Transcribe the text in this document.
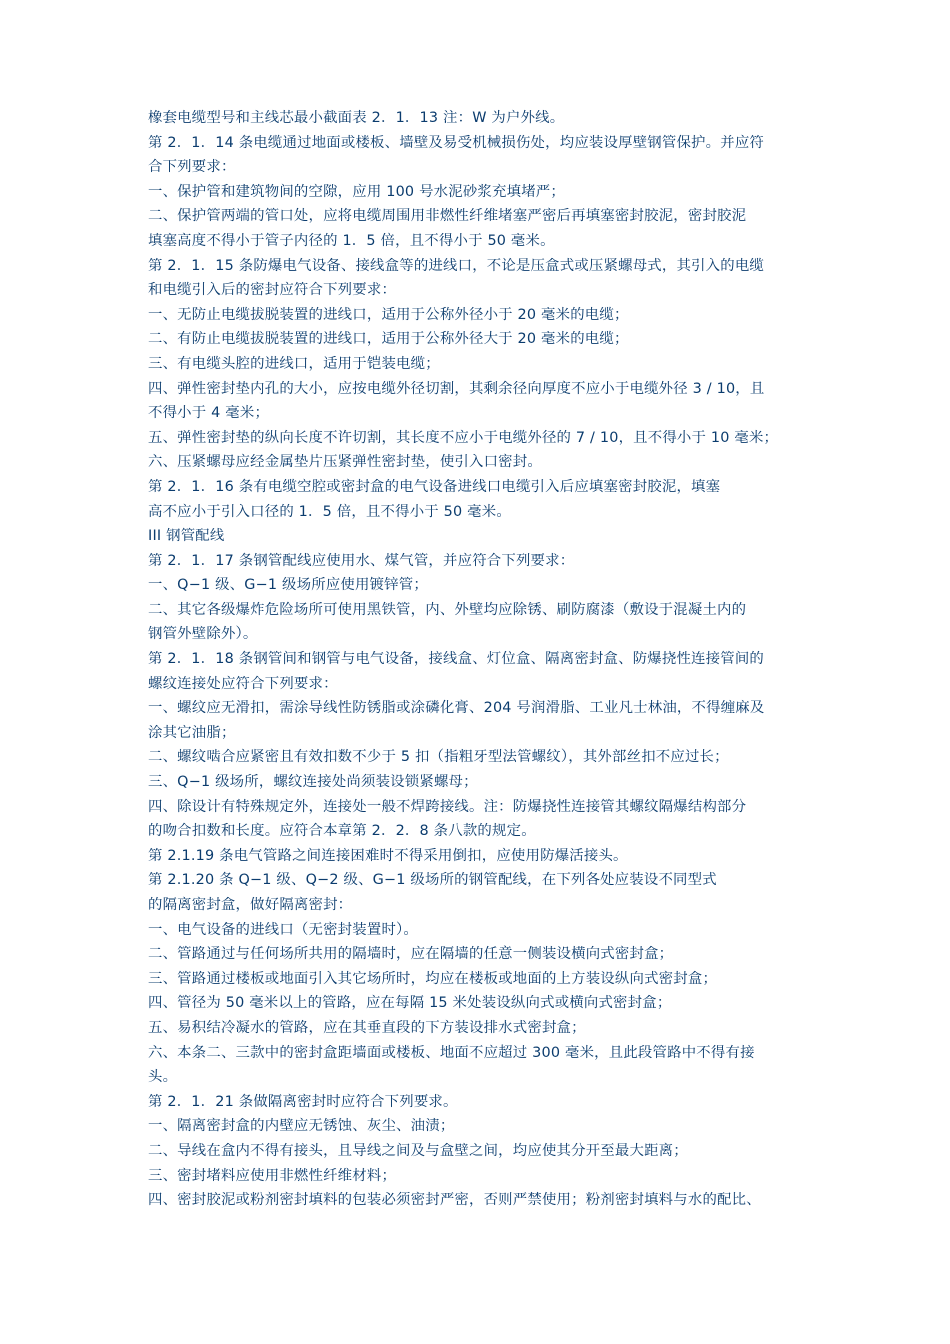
橡套电缆型号和主线芯最小截面表 2．1．13 注：W 为户外线。
第 2．1．14 条电缆通过地面或楼板、墙壁及易受机械损伤处，均应装设厚壁钢管保护。并应符
合下列要求：
一、保护管和建筑物间的空隙，应用 100 号水泥砂浆充填堵严；
二、保护管两端的管口处，应将电缆周围用非燃性纤维堵塞严密后再填塞密封胶泥，密封胶泥
填塞高度不得小于管子内径的 1．5 倍，且不得小于 50 毫米。
第 2．1．15 条防爆电气设备、接线盒等的进线口，不论是压盒式或压紧螺母式，其引入的电缆
和电缆引入后的密封应符合下列要求：
一、无防止电缆拔脱装置的进线口，适用于公称外径小于 20 毫米的电缆；
二、有防止电缆拔脱装置的进线口，适用于公称外径大于 20 毫米的电缆；
三、有电缆头腔的进线口，适用于铠装电缆；
四、弹性密封垫内孔的大小，应按电缆外径切割，其剩余径向厚度不应小于电缆外径 3 / 10，且
不得小于 4 毫米；
五、弹性密封垫的纵向长度不许切割，其长度不应小于电缆外径的 7 / 10，且不得小于 10 毫米；
六、压紧螺母应经金属垫片压紧弹性密封垫，使引入口密封。
第 2．1．16 条有电缆空腔或密封盒的电气设备进线口电缆引入后应填塞密封胶泥，填塞
高不应小于引入口径的 1．5 倍，且不得小于 50 毫米。
III 钢管配线
第 2．1．17 条钢管配线应使用水、煤气管，并应符合下列要求：
一、Q−1 级、G−1 级场所应使用镀锌管；
二、其它各级爆炸危险场所可使用黑铁管，内、外壁均应除锈、刷防腐漆（敷设于混凝土内的
钢管外壁除外）。
第 2．1．18 条钢管间和钢管与电气设备，接线盒、灯位盒、隔离密封盒、防爆挠性连接管间的
螺纹连接处应符合下列要求：
一、螺纹应无滑扣，需涂导线性防锈脂或涂磷化膏、204 号润滑脂、工业凡士林油，不得缠麻及
涂其它油脂；
二、螺纹啮合应紧密且有效扣数不少于 5 扣（指粗牙型法管螺纹），其外部丝扣不应过长；
三、Q−1 级场所，螺纹连接处尚须装设锁紧螺母；
四、除设计有特殊规定外，连接处一般不焊跨接线。注：防爆挠性连接管其螺纹隔爆结构部分
的吻合扣数和长度。应符合本章第 2．2．8 条八款的规定。
第 2.1.19 条电气管路之间连接困难时不得采用倒扣，应使用防爆活接头。
第 2.1.20 条 Q−1 级、Q−2 级、G−1 级场所的钢管配线，在下列各处应装设不同型式
的隔离密封盒，做好隔离密封：
一、电气设备的进线口（无密封装置时）。
二、管路通过与任何场所共用的隔墙时，应在隔墙的任意一侧装设横向式密封盒；
三、管路通过楼板或地面引入其它场所时，均应在楼板或地面的上方装设纵向式密封盒；
四、管径为 50 毫米以上的管路，应在每隔 15 米处装设纵向式或横向式密封盒；
五、易积结冷凝水的管路，应在其垂直段的下方装设排水式密封盒；
六、本条二、三款中的密封盒距墙面或楼板、地面不应超过 300 毫米，且此段管路中不得有接
头。
第 2．1．21 条做隔离密封时应符合下列要求。
一、隔离密封盒的内壁应无锈蚀、灰尘、油渍；
二、导线在盒内不得有接头，且导线之间及与盒壁之间，均应使其分开至最大距离；
三、密封堵料应使用非燃性纤维材料；
四、密封胶泥或粉剂密封填料的包装必须密封严密，否则严禁使用；粉剂密封填料与水的配比、
